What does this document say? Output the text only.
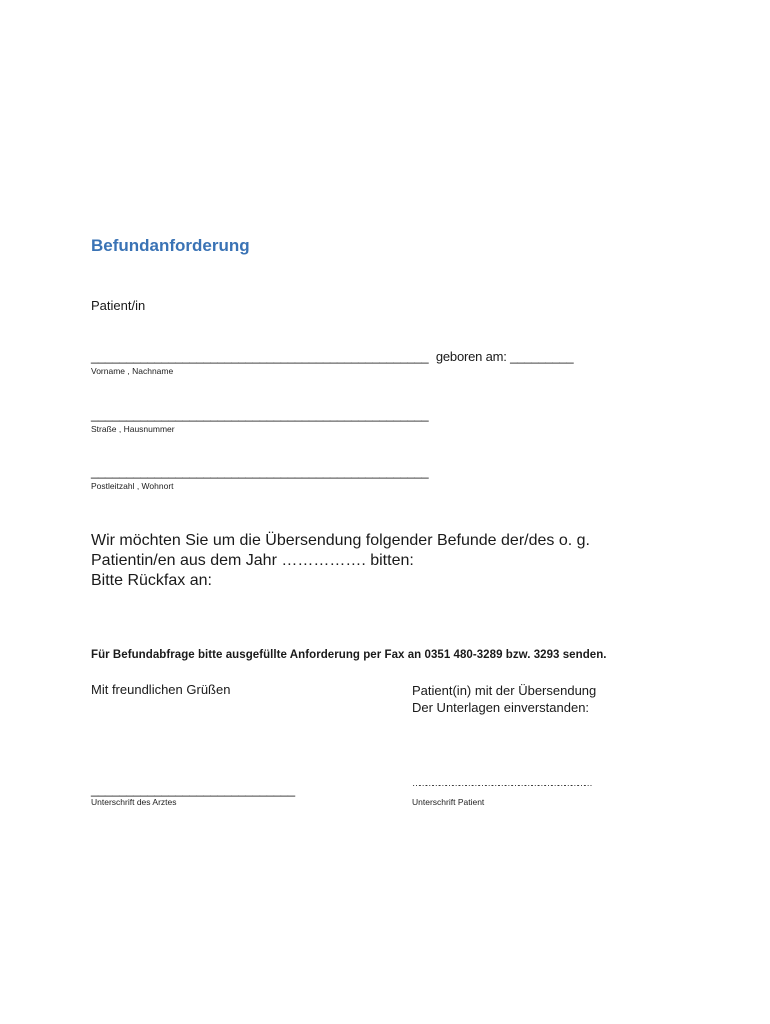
Befundanforderung
Patient/in
________________________________________________ geboren am: _________
Vorname , Nachname
________________________________________________
Straße , Hausnummer
________________________________________________
Postleitzahl , Wohnort
Wir möchten Sie um die Übersendung folgender Befunde der/des o. g.
Patientin/en aus dem Jahr ……………. bitten:
Bitte Rückfax an:
Für Befundabfrage bitte ausgefüllte Anforderung per Fax an 0351 480-3289 bzw. 3293 senden.
Mit freundlichen Grüßen	Patient(in) mit der Übersendung
Der Unterlagen einverstanden:
_____________________________
Unterschrift des Arztes
………………………………………………………………………
Unterschrift Patient
